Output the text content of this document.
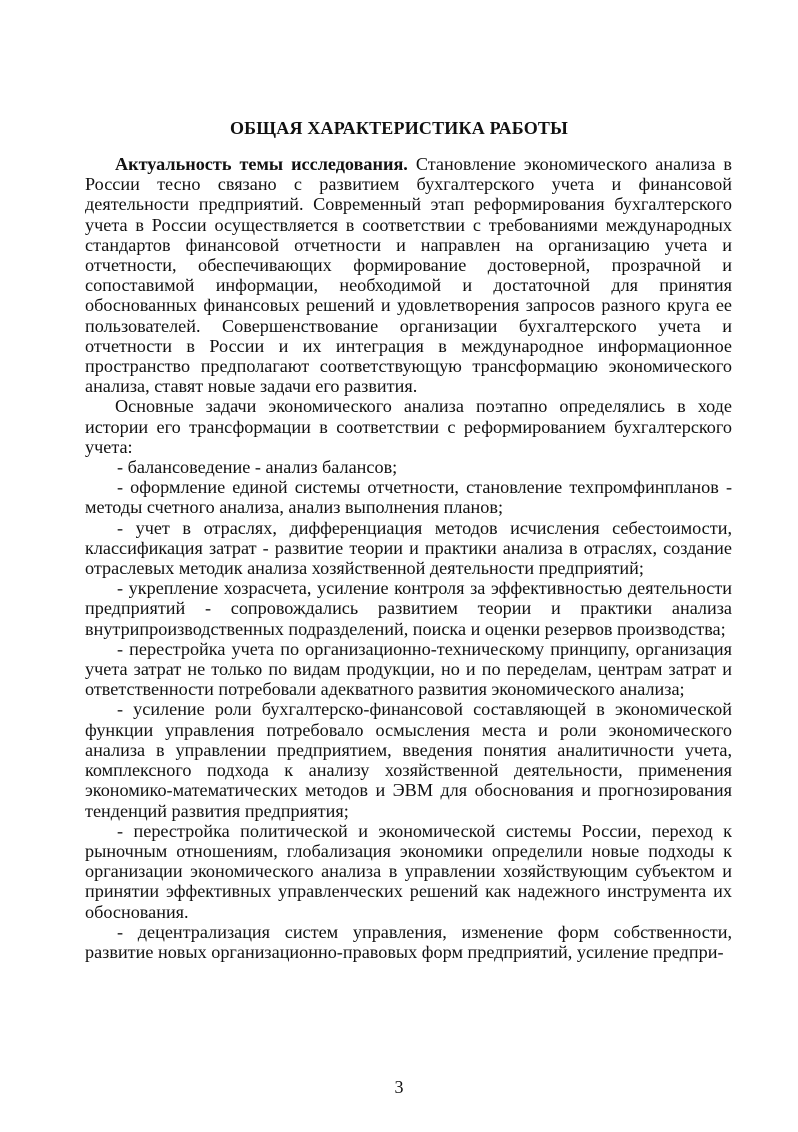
ОБЩАЯ ХАРАКТЕРИСТИКА РАБОТЫ

Актуальность темы исследования. Становление экономического анализа в России тесно связано с развитием бухгалтерского учета и финансовой деятельности предприятий. Современный этап реформирования бухгалтерского учета в России осуществляется в соответствии с требованиями международных стандартов финансовой отчетности и направлен на организацию учета и отчетности, обеспечивающих формирование достоверной, прозрачной и сопоставимой информации, необходимой и достаточной для принятия обоснованных финансовых решений и удовлетворения запросов разного круга ее пользователей. Совершенствование организации бухгалтерского учета и отчетности в России и их интеграция в международное информационное пространство предполагают соответствующую трансформацию экономического анализа, ставят новые задачи его развития.

Основные задачи экономического анализа поэтапно определялись в ходе истории его трансформации в соответствии с реформированием бухгалтерского учета:

- балансоведение - анализ балансов;

- оформление единой системы отчетности, становление техпромфинпланов - методы счетного анализа, анализ выполнения планов;

- учет в отраслях, дифференциация методов исчисления себестоимости, классификация затрат - развитие теории и практики анализа в отраслях, создание отраслевых методик анализа хозяйственной деятельности предприятий;

- укрепление хозрасчета, усиление контроля за эффективностью деятельности предприятий - сопровождались развитием теории и практики анализа внутрипроизводственных подразделений, поиска и оценки резервов производства;

- перестройка учета по организационно-техническому принципу, организация учета затрат не только по видам продукции, но и по переделам, центрам затрат и ответственности потребовали адекватного развития экономического анализа;

- усиление роли бухгалтерско-финансовой составляющей в экономической функции управления потребовало осмысления места и роли экономического анализа в управлении предприятием, введения понятия аналитичности учета, комплексного подхода к анализу хозяйственной деятельности, применения экономико-математических методов и ЭВМ для обоснования и прогнозирования тенденций развития предприятия;

- перестройка политической и экономической системы России, переход к рыночным отношениям, глобализация экономики определили новые подходы к организации экономического анализа в управлении хозяйствующим субъектом и принятии эффективных управленческих решений как надежного инструмента их обоснования.

- децентрализация систем управления, изменение форм собственности, развитие новых организационно-правовых форм предприятий, усиление предпри-

3
